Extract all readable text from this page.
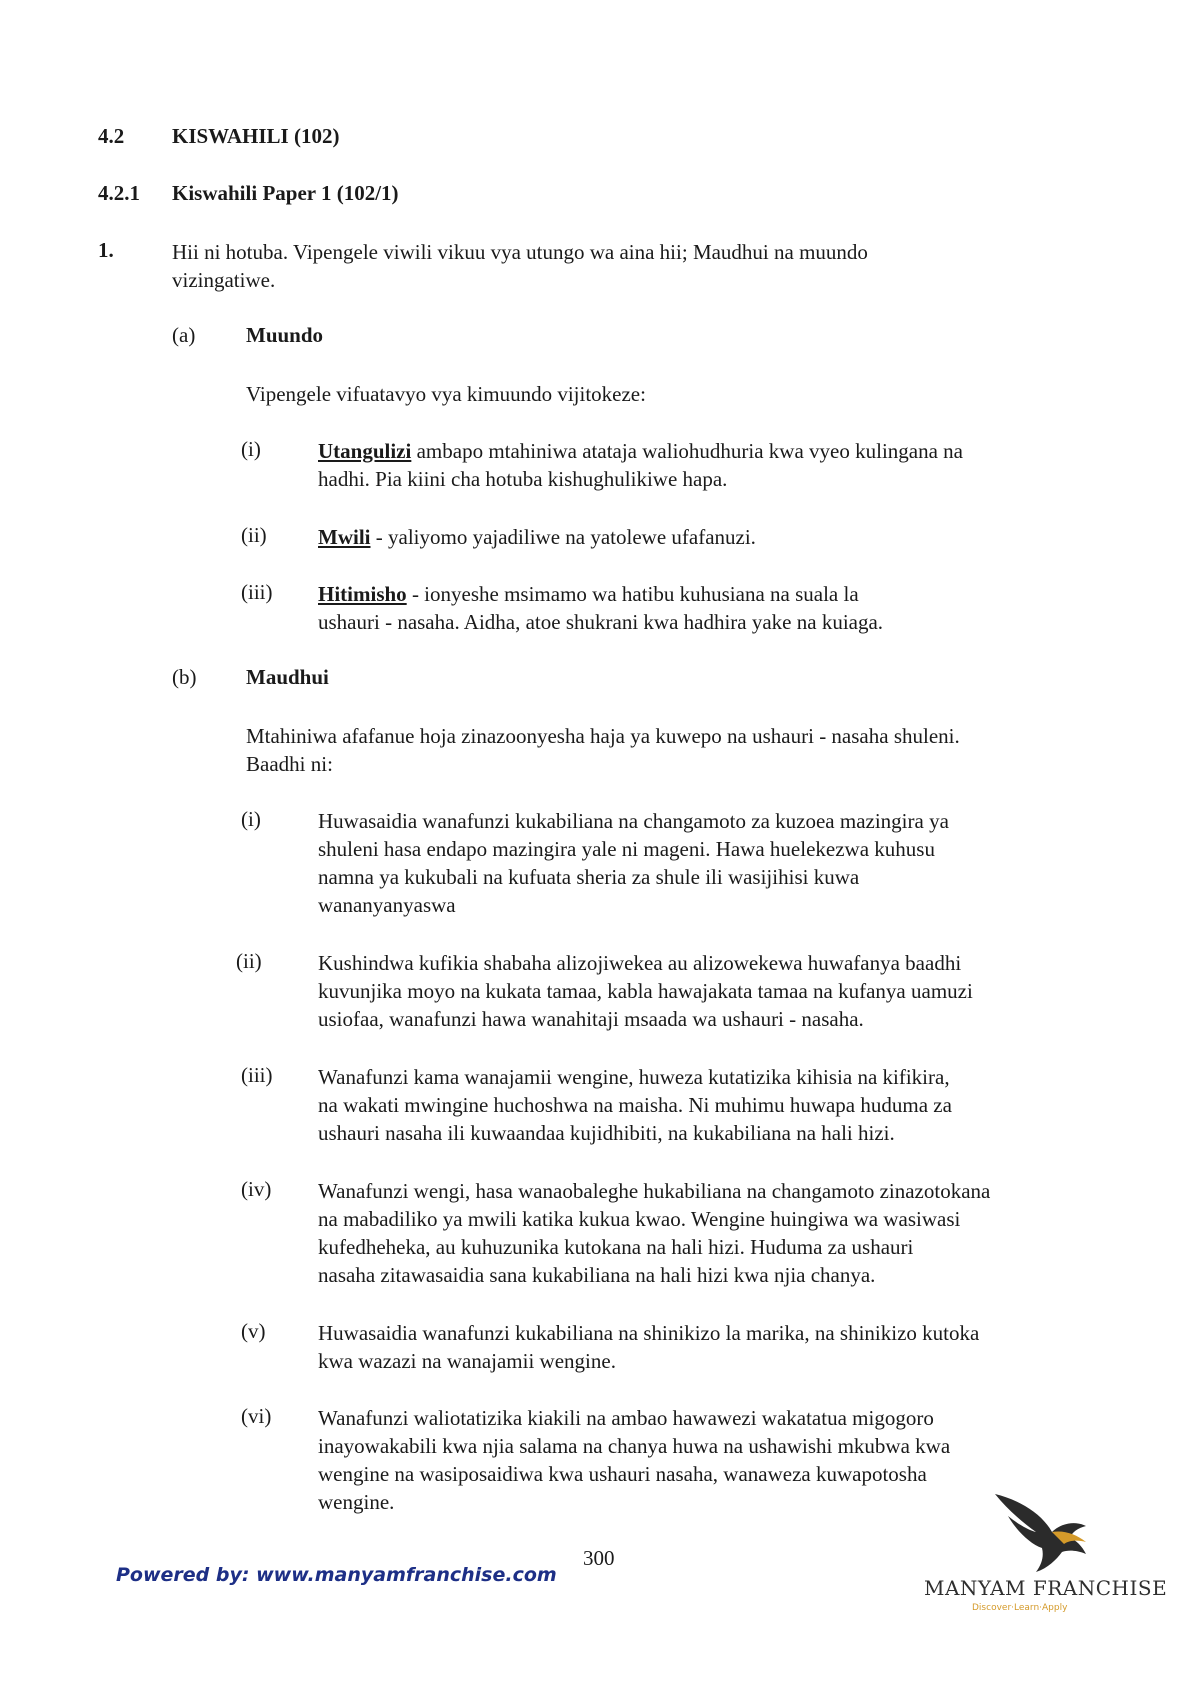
4.2 KISWAHILI (102)
4.2.1 Kiswahili Paper 1 (102/1)
1.	Hii ni hotuba. Vipengele viwili vikuu vya utungo wa aina hii; Maudhui na muundo
vizingatiwe.
(a) Muundo
Vipengele vifuatavyo vya kimuundo vijitokeze:
(i)	Utangulizi ambapo mtahiniwa atataja waliohudhuria kwa vyeo kulingana na
hadhi. Pia kiini cha hotuba kishughulikiwe hapa.
(ii) Mwili - yaliyomo yajadiliwe na yatolewe ufafanuzi.
(iii) Hitimisho - ionyeshe msimamo wa hatibu kuhusiana na suala la
ushauri - nasaha. Aidha, atoe shukrani kwa hadhira yake na kuiaga.
(b) Maudhui
Mtahiniwa afafanue hoja zinazoonyesha haja ya kuwepo na ushauri - nasaha shuleni.
Baadhi ni:
(i)	Huwasaidia wanafunzi kukabiliana na changamoto za kuzoea mazingira ya
shuleni hasa endapo mazingira yale ni mageni. Hawa huelekezwa kuhusu
namna ya kukubali na kufuata sheria za shule ili wasijihisi kuwa
wananyanyaswa
(ii)	Kushindwa kufikia shabaha alizojiwekea au alizowekewa huwafanya baadhi
kuvunjika moyo na kukata tamaa, kabla hawajakata tamaa na kufanya uamuzi
usiofaa, wanafunzi hawa wanahitaji msaada wa ushauri - nasaha.
(iii) Wanafunzi kama wanajamii wengine, huweza kutatizika kihisia na kifikira,
na wakati mwingine huchoshwa na maisha. Ni muhimu huwapa huduma za
ushauri nasaha ili kuwaandaa kujidhibiti, na kukabiliana na hali hizi.
(iv) Wanafunzi wengi, hasa wanaobaleghe hukabiliana na changamoto zinazotokana
na mabadiliko ya mwili katika kukua kwao. Wengine huingiwa wa wasiwasi
kufedheheka, au kuhuzunika kutokana na hali hizi. Huduma za ushauri
nasaha zitawasaidia sana kukabiliana na hali hizi kwa njia chanya.
(v)	Huwasaidia wanafunzi kukabiliana na shinikizo la marika, na shinikizo kutoka
kwa wazazi na wanajamii wengine.
(vi) Wanafunzi waliotatizika kiakili na ambao hawawezi wakatatua migogoro
inayowakabili kwa njia salama na chanya huwa na ushawishi mkubwa kwa
wengine na wasiposaidiwa kwa ushauri nasaha, wanaweza kuwapotosha
wengine.
300
Powered by: www.manyamfranchise.com
MANYAM FRANCHISE
Discover·Learn·Apply
